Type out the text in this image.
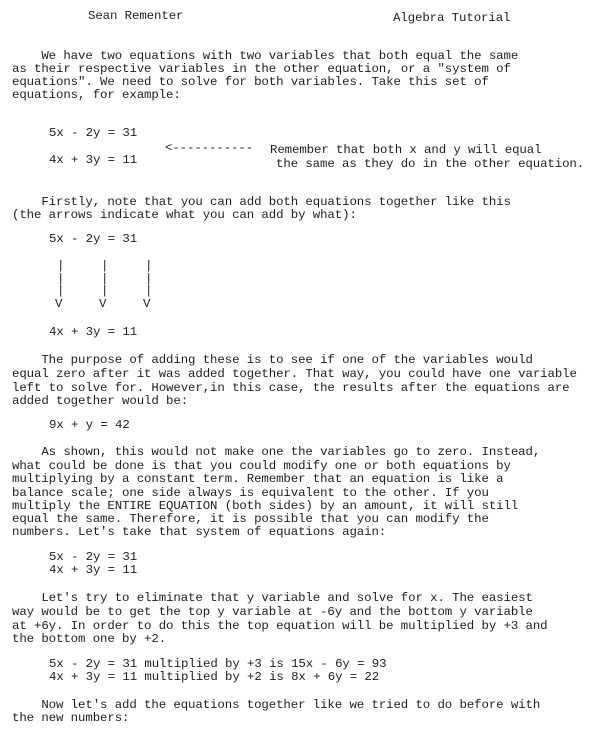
Sean Rementer	Algebra Tutorial
We have two equations with two variables that both equal the same
as their respective variables in the other equation, or a "system of
equations". We need to solve for both variables. Take this set of
equations, for example:
5x - 2y = 31
<----------- Remember that both x and y will equal
4x + 3y = 11	the same as they do in the other equation.
Firstly, note that you can add both equations together like this
(the arrows indicate what you can add by what):
5x - 2y = 31
|     |     |
|     |     |
|     |     |
V     V     V
4x + 3y = 11
The purpose of adding these is to see if one of the variables would
equal zero after it was added together. That way, you could have one variable
left to solve for. However,in this case, the results after the equations are
added together would be:
9x + y = 42
As shown, this would not make one the variables go to zero. Instead,
what could be done is that you could modify one or both equations by
multiplying by a constant term. Remember that an equation is like a
balance scale; one side always is equivalent to the other. If you
multiply the ENTIRE EQUATION (both sides) by an amount, it will still
equal the same. Therefore, it is possible that you can modify the
numbers. Let's take that system of equations again:
5x - 2y = 31
4x + 3y = 11
Let's try to eliminate that y variable and solve for x. The easiest
way would be to get the top y variable at -6y and the bottom y variable
at +6y. In order to do this the top equation will be multiplied by +3 and
the bottom one by +2.
5x - 2y = 31 multiplied by +3 is 15x - 6y = 93
4x + 3y = 11 multiplied by +2 is 8x + 6y = 22
Now let's add the equations together like we tried to do before with
the new numbers:
